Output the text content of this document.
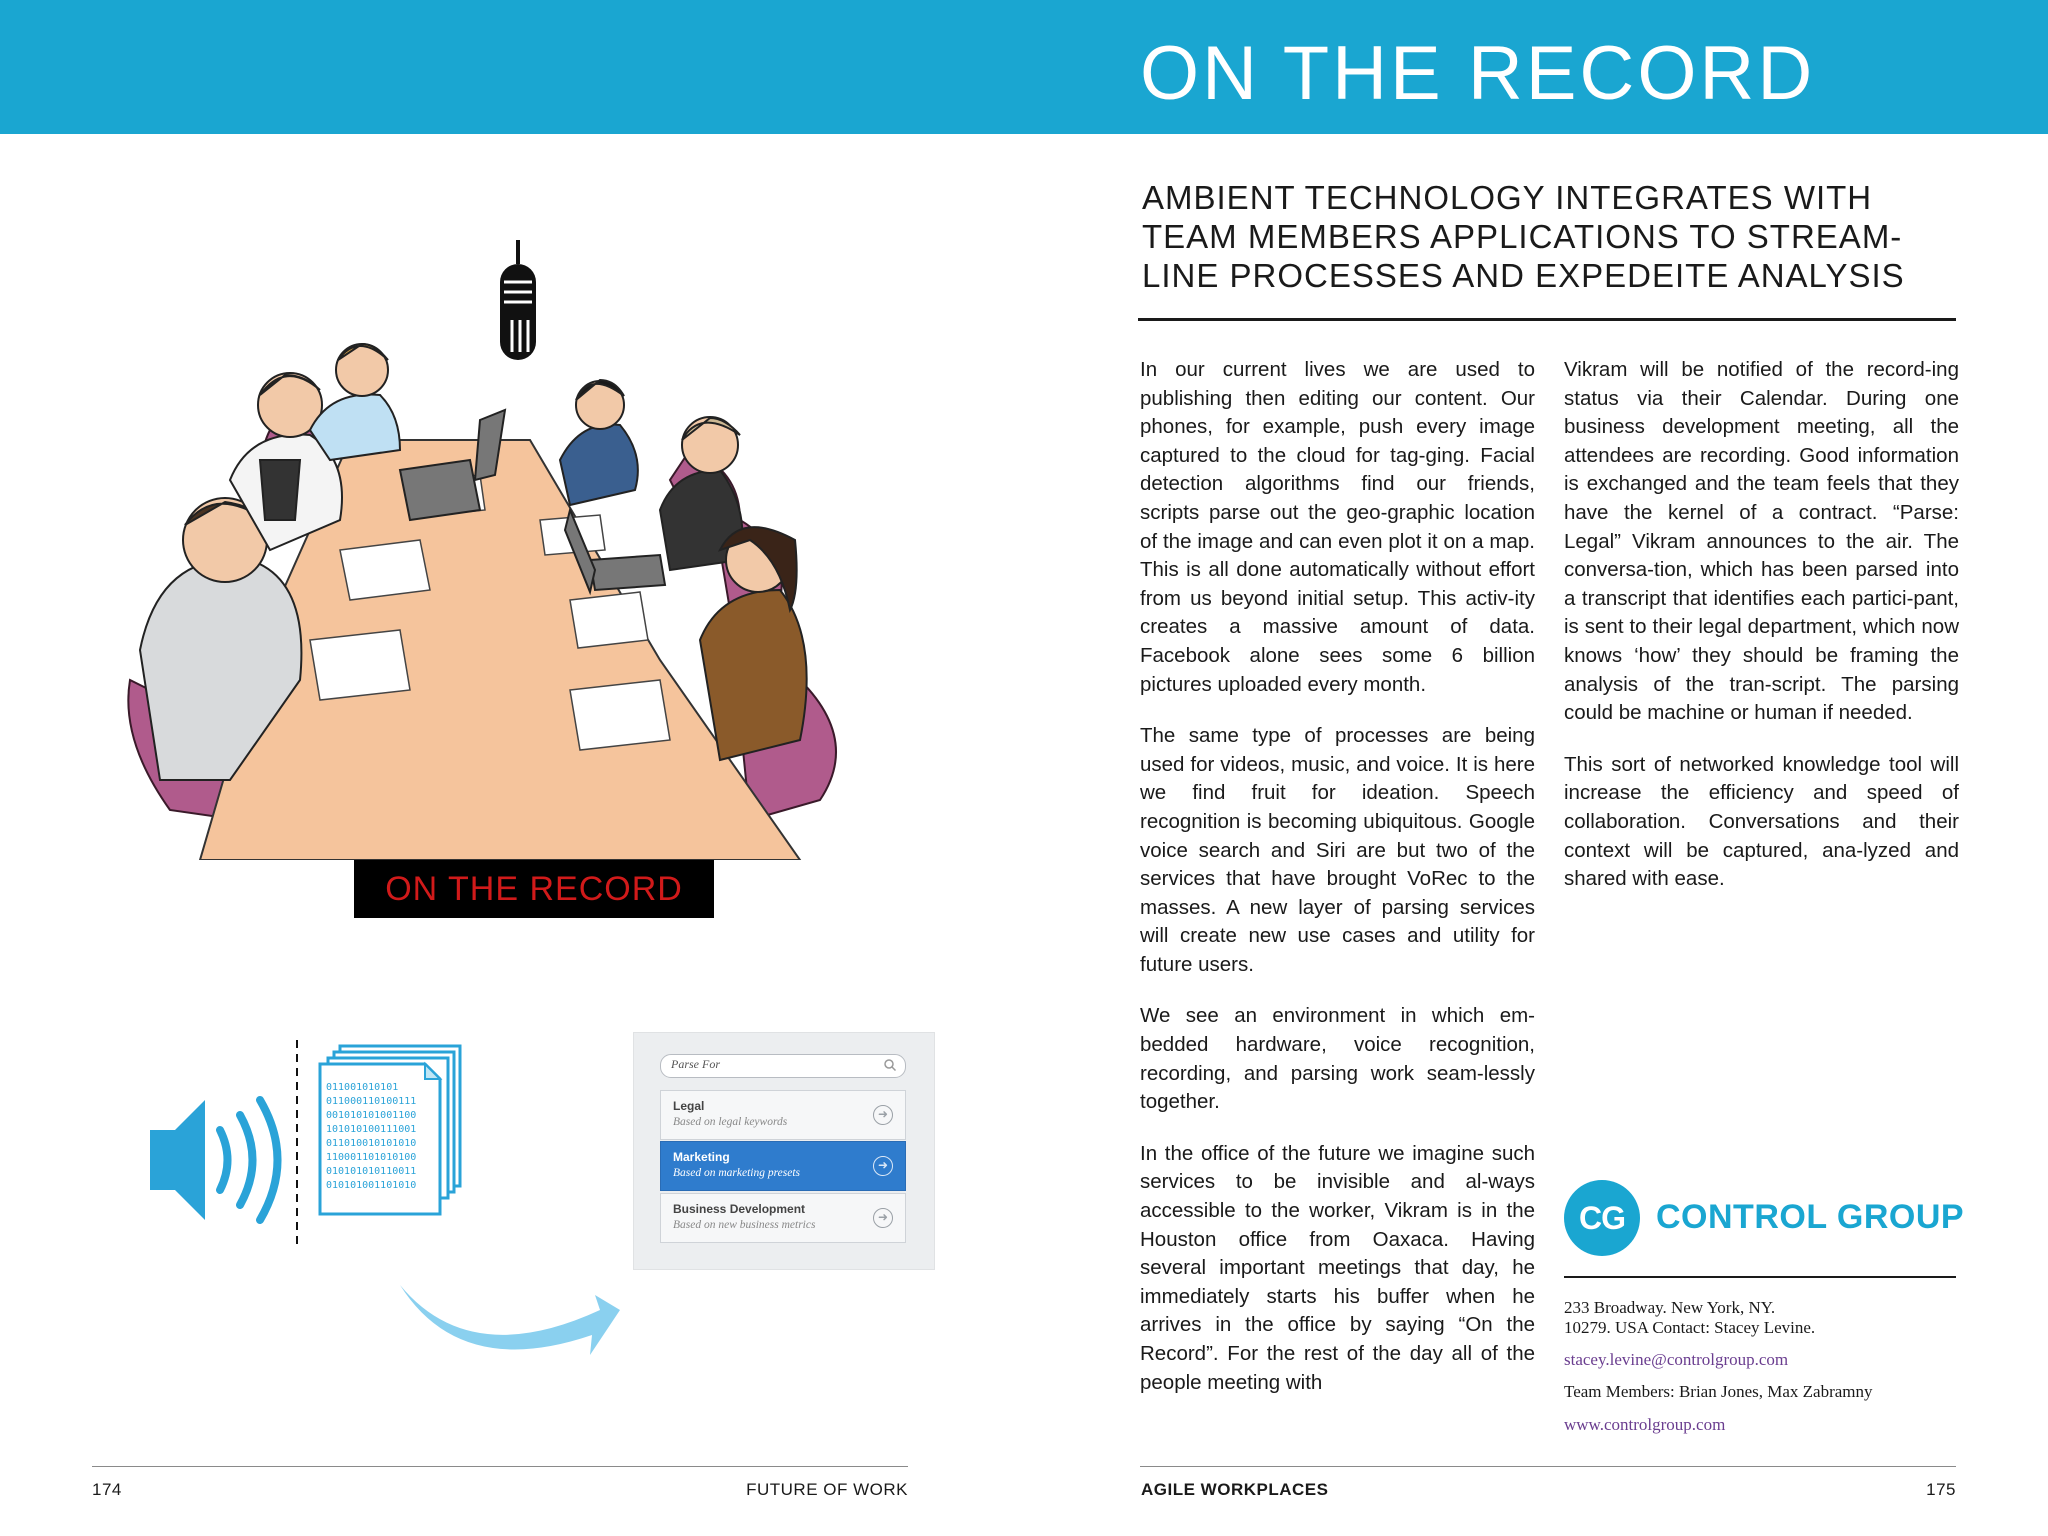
ON THE RECORD
AMBIENT TECHNOLOGY INTEGRATES WITH
TEAM MEMBERS APPLICATIONS TO STREAM-
LINE PROCESSES AND EXPEDEITE ANALYSIS
ON THE RECORD
011001010101
011000110100111
001010101001100
101010100111001
011010010101010
110001101010100
010101010110011
010101001101010
Parse For
Legal
Based on legal keywords
➜
Marketing
Based on marketing presets
➜
Business Development
Based on new business metrics
➜

In our current lives we are used to publishing then editing our content. Our phones, for example, push every image captured to the cloud for tag-ging. Facial detection algorithms find our friends, scripts parse out the geo-graphic location of the image and can even plot it on a map. This is all done automatically without effort from us beyond initial setup. This activ-ity creates a massive amount of data. Facebook alone sees some 6 billion pictures uploaded every month.

The same type of processes are being used for videos, music, and voice. It is here we find fruit for ideation. Speech recognition is becoming ubiquitous. Google voice search and Siri are but two of the services that have brought VoRec to the masses. A new layer of parsing services will create new use cases and utility for future users.

We see an environment in which em-bedded hardware, voice recognition, recording, and parsing work seam-lessly together.

In the office of the future we imagine such services to be invisible and al-ways accessible to the worker, Vikram is in the Houston office from Oaxaca. Having several important meetings that day, he immediately starts his buffer when he arrives in the office by saying “On the Record”. For the rest of the day all of the people meeting with

Vikram will be notified of the record-ing status via their Calendar. During one business development meeting, all the attendees are recording. Good information is exchanged and the team feels that they have the kernel of a contract. “Parse: Legal” Vikram announces to the air. The conversa-tion, which has been parsed into a transcript that identifies each partici-pant, is sent to their legal department, which now knows ‘how’ they should be framing the analysis of the tran-script. The parsing could be machine or human if needed.

This sort of networked knowledge tool will increase the efficiency and speed of collaboration. Conversations and their context will be captured, ana-lyzed and shared with ease.

CG CONTROL GROUP
233 Broadway. New York, NY.
10279. USA Contact: Stacey Levine.
stacey.levine@controlgroup.com
Team Members: Brian Jones, Max Zabramny
www.controlgroup.com
174	FUTURE OF WORK	AGILE WORKPLACES	175
